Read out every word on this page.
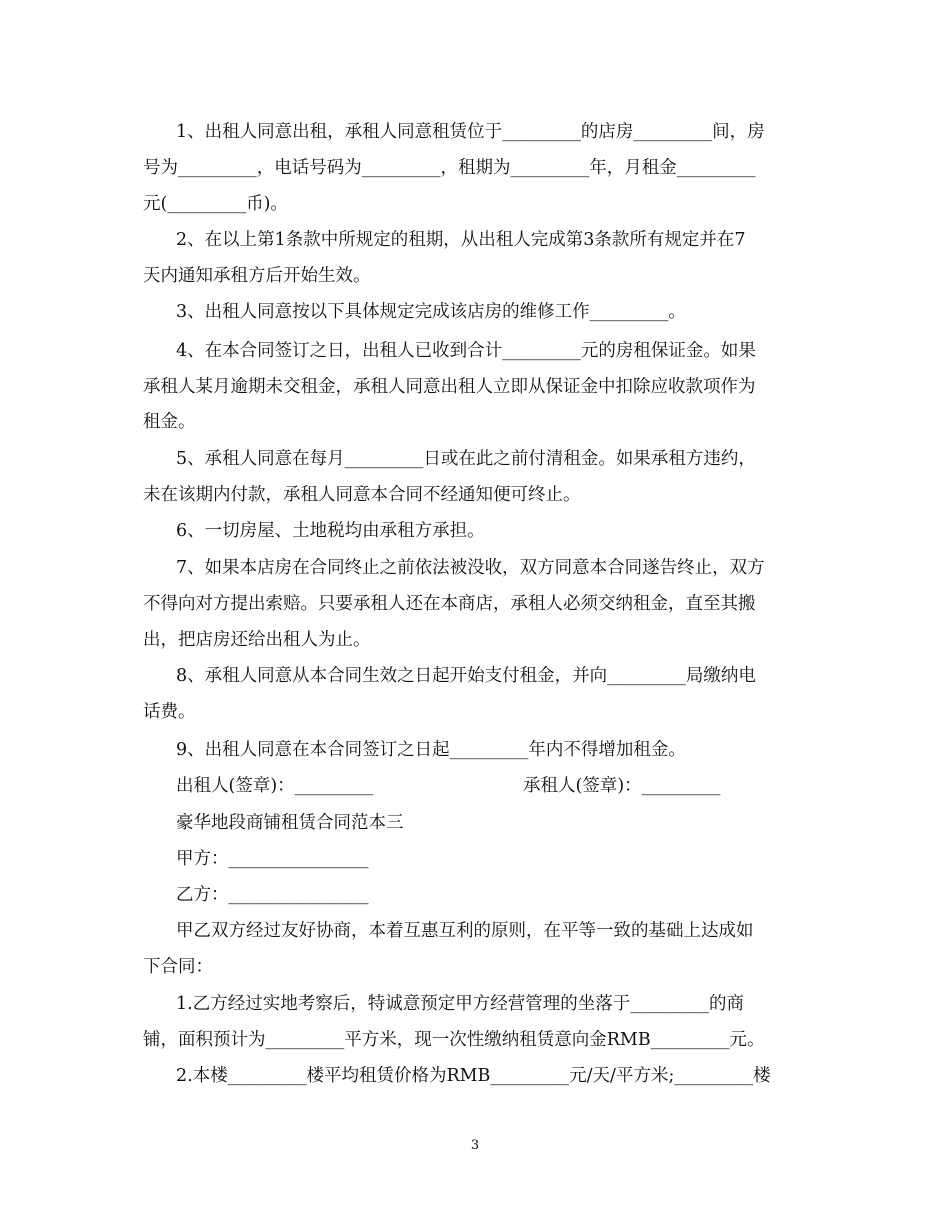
1、出租人同意出租，承租人同意租赁位于_________的店房_________间，房
号为_________，电话号码为_________，租期为_________年，月租金_________
元(_________币)。
2、在以上第1条款中所规定的租期，从出租人完成第3条款所有规定并在7
天内通知承租方后开始生效。
3、出租人同意按以下具体规定完成该店房的维修工作_________。
4、在本合同签订之日，出租人已收到合计_________元的房租保证金。如果
承租人某月逾期未交租金，承租人同意出租人立即从保证金中扣除应收款项作为
租金。
5、承租人同意在每月_________日或在此之前付清租金。如果承租方违约，
未在该期内付款，承租人同意本合同不经通知便可终止。
6、一切房屋、土地税均由承租方承担。
7、如果本店房在合同终止之前依法被没收，双方同意本合同遂告终止，双方
不得向对方提出索赔。只要承租人还在本商店，承租人必须交纳租金，直至其搬
出，把店房还给出租人为止。
8、承租人同意从本合同生效之日起开始支付租金，并向_________局缴纳电
话费。
9、出租人同意在本合同签订之日起_________年内不得增加租金。
出租人(签章)：_________	承租人(签章)：_________
豪华地段商铺租赁合同范本三
甲方：________________
乙方：________________
甲乙双方经过友好协商，本着互惠互利的原则，在平等一致的基础上达成如
下合同：
1.乙方经过实地考察后，特诚意预定甲方经营管理的坐落于_________的商
铺，面积预计为_________平方米，现一次性缴纳租赁意向金RMB_________元。
2.本楼_________楼平均租赁价格为RMB_________元/天/平方米;_________楼
3
